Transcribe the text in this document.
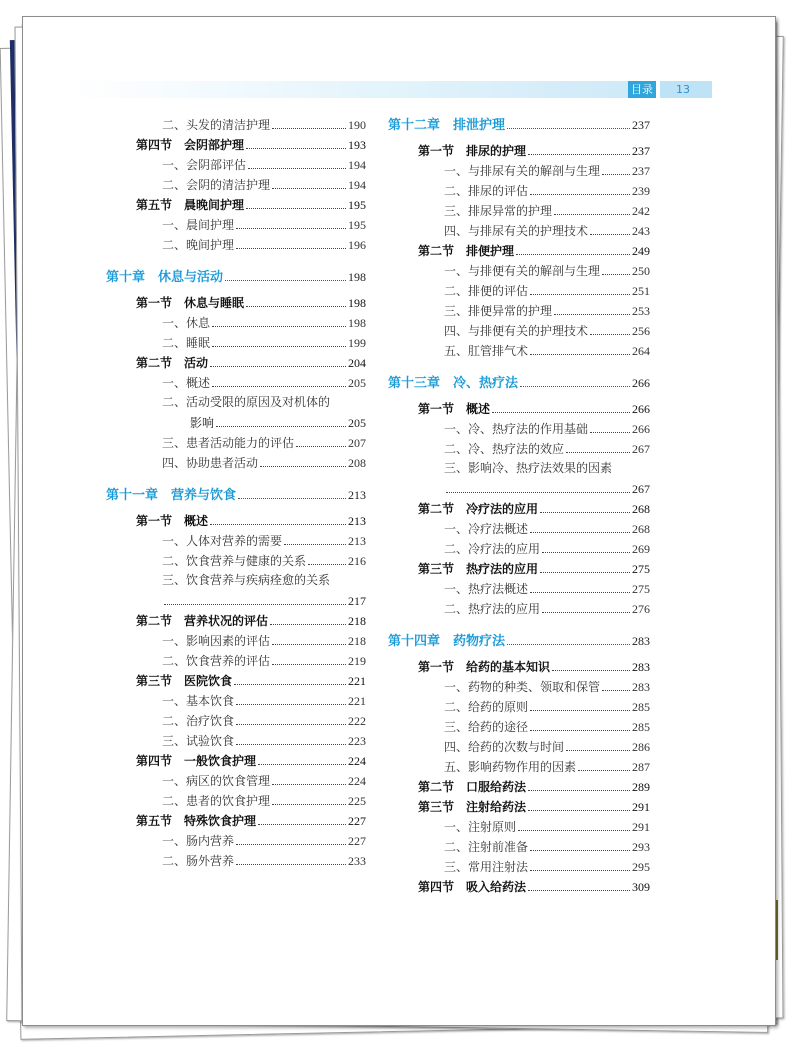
目录	13
二、头发的清洁护理	190
第四节　会阴部护理	193
一、会阴部评估	194
二、会阴的清洁护理	194
第五节　晨晚间护理	195
一、晨间护理	195
二、晚间护理	196
第十章　休息与活动	198
第一节　休息与睡眠	198
一、休息	198
二、睡眠	199
第二节　活动	204
一、概述	205
二、活动受限的原因及对机体的
影响	205
三、患者活动能力的评估	207
四、协助患者活动	208
第十一章　营养与饮食	213
第一节　概述	213
一、人体对营养的需要	213
二、饮食营养与健康的关系	216
三、饮食营养与疾病痊愈的关系
217
第二节　营养状况的评估	218
一、影响因素的评估	218
二、饮食营养的评估	219
第三节　医院饮食	221
一、基本饮食	221
二、治疗饮食	222
三、试验饮食	223
第四节　一般饮食护理	224
一、病区的饮食管理	224
二、患者的饮食护理	225
第五节　特殊饮食护理	227
一、肠内营养	227
二、肠外营养	233
第十二章　排泄护理	237
第一节　排尿的护理	237
一、与排尿有关的解剖与生理	237
二、排尿的评估	239
三、排尿异常的护理	242
四、与排尿有关的护理技术	243
第二节　排便护理	249
一、与排便有关的解剖与生理	250
二、排便的评估	251
三、排便异常的护理	253
四、与排便有关的护理技术	256
五、肛管排气术	264
第十三章　冷、热疗法	266
第一节　概述	266
一、冷、热疗法的作用基础	266
二、冷、热疗法的效应	267
三、影响冷、热疗法效果的因素
267
第二节　冷疗法的应用	268
一、冷疗法概述	268
二、冷疗法的应用	269
第三节　热疗法的应用	275
一、热疗法概述	275
二、热疗法的应用	276
第十四章　药物疗法	283
第一节　给药的基本知识	283
一、药物的种类、领取和保管	283
二、给药的原则	285
三、给药的途径	285
四、给药的次数与时间	286
五、影响药物作用的因素	287
第二节　口服给药法	289
第三节　注射给药法	291
一、注射原则	291
二、注射前准备	293
三、常用注射法	295
第四节　吸入给药法	309
